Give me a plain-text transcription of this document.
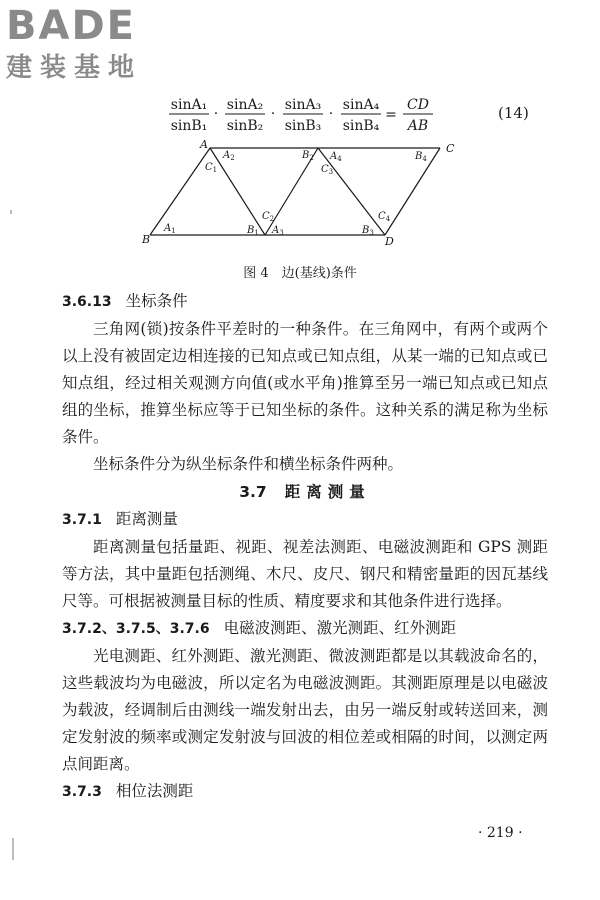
BADE
建装基地
sinA₁
sinB₁
·
sinA₂
sinB₂
·
sinA₃
sinB₃
·
sinA₄
sinB₄
=
CD
AB
(14)
A
B
C
D
$A_1$
$A_2$
$A_3$
$A_4$
$B_1$
$B_2$
$B_3$
$B_4$
$C_1$
$C_2$
$C_3$
$C_4$
图 4　边(基线)条件

3.6.13 坐标条件

三角网(锁)按条件平差时的一种条件。在三角网中，有两个或两个以上没有被固定边相连接的已知点或已知点组，从某一端的已知点或已知点组，经过相关观测方向值(或水平角)推算至另一端已知点或已知点组的坐标，推算坐标应等于已知坐标的条件。这种关系的满足称为坐标条件。

坐标条件分为纵坐标条件和横坐标条件两种。

3.7 距离测量

3.7.1 距离测量

距离测量包括量距、视距、视差法测距、电磁波测距和 GPS 测距等方法，其中量距包括测绳、木尺、皮尺、钢尺和精密量距的因瓦基线尺等。可根据被测量目标的性质、精度要求和其他条件进行选择。

3.7.2、3.7.5、3.7.6 电磁波测距、激光测距、红外测距

光电测距、红外测距、激光测距、微波测距都是以其载波命名的，这些载波均为电磁波，所以定名为电磁波测距。其测距原理是以电磁波为载波，经调制后由测线一端发射出去，由另一端反射或转送回来，测定发射波的频率或测定发射波与回波的相位差或相隔的时间，以测定两点间距离。

3.7.3 相位法测距

· 219 ·
